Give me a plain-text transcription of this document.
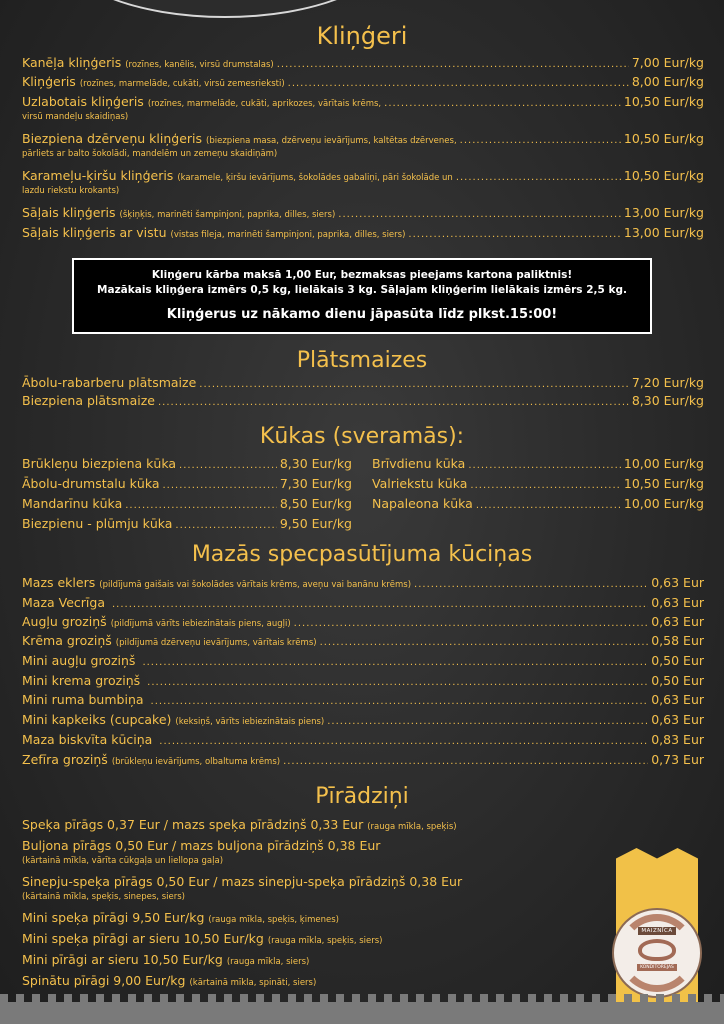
Kliņģeri
Kanēļa kliņģeris (rozīnes, kanēlis, virsū drumstalas) .....	7,00 Eur/kg
Kliņģeris (rozīnes, marmelāde, cukāti, virsū zemesrieksti) .....	8,00 Eur/kg
Uzlabotais kliņģeris (rozīnes, marmelāde, cukāti, aprikozes, vārītais krēms, .....	10,50 Eur/kg
virsū mandeļu skaidiņas)
Biezpiena dzērveņu kliņģeris (biezpiena masa, dzērveņu ievārījums, kaltētas dzērvenes, .....	10,50 Eur/kg
pārliets ar balto šokolādi, mandelēm un zemeņu skaidiņām)
Karameļu-ķiršu kliņģeris (karamele, ķiršu ievārījums, šokolādes gabaliņi, pāri šokolāde un .....	10,50 Eur/kg
lazdu riekstu krokants)
Sāļais kliņģeris (šķiņķis, marinēti šampinjoni, paprika, dilles, siers) .....	13,00 Eur/kg
Sāļais kliņģeris ar vistu (vistas fileja, marinēti šampinjoni, paprika, dilles, siers) .....	13,00 Eur/kg
Kliņģeru kārba maksā 1,00 Eur, bezmaksas pieejams kartona paliktnis!
Mazākais kliņģera izmērs 0,5 kg, lielākais 3 kg. Sāļajam kliņģerim lielākais izmērs 2,5 kg.
Kliņģerus uz nākamo dienu jāpasūta līdz plkst.15:00!
Plātsmaizes
Ābolu-rabarberu plātsmaize .....	7,20 Eur/kg
Biezpiena plātsmaize .....	8,30 Eur/kg
Kūkas (sveramās):
Brūkleņu biezpiena kūka .....	8,30 Eur/kg
Ābolu-drumstalu kūka .....	7,30 Eur/kg
Mandarīnu kūka .....	8,50 Eur/kg
Biezpienu - plūmju kūka .....	9,50 Eur/kg
Brīvdienu kūka .....	10,00 Eur/kg
Valriekstu kūka .....	10,50 Eur/kg
Napaleona kūka .....	10,00 Eur/kg
Mazās specpasūtījuma kūciņas
Mazs eklers (pildījumā gaišais vai šokolādes vārītais krēms, aveņu vai banānu krēms) .....	0,63 Eur
Maza Vecrīga .....	0,63 Eur
Augļu groziņš (pildījumā vārīts iebiezinātais piens, augļi) .....	0,63 Eur
Krēma groziņš (pildījumā dzērveņu ievārījums, vārītais krēms) .....	0,58 Eur
Mini augļu groziņš .....	0,50 Eur
Mini krema groziņš .....	0,50 Eur
Mini ruma bumbiņa .....	0,63 Eur
Mini kapkeiks (cupcake) (keksiņš, vārīts iebiezinātais piens) .....	0,63 Eur
Maza biskvīta kūciņa .....	0,83 Eur
Zefīra groziņš (brūkleņu ievārījums, olbaltuma krēms) .....	0,73 Eur
Pīrādziņi
Speķa pīrāgs 0,37 Eur / mazs speķa pīrādziņš 0,33 Eur (rauga mīkla, speķis)
Buljona pīrāgs 0,50 Eur / mazs buljona pīrādziņš 0,38 Eur
(kārtainā mīkla, vārīta cūkgaļa un liellopa gaļa)
Sinepju-speķa pīrāgs 0,50 Eur / mazs sinepju-speķa pīrādziņš 0,38 Eur
(kārtainā mīkla, speķis, sinepes, siers)
Mini speķa pīrāgi 9,50 Eur/kg (rauga mīkla, speķis, ķimenes)
Mini speķa pīrāgi ar sieru 10,50 Eur/kg (rauga mīkla, speķis, siers)
Mini pīrāgi ar sieru 10,50 Eur/kg (rauga mīkla, siers)
Spinātu pīrāgi 9,00 Eur/kg (kārtainā mīkla, spināti, siers)
MAIZNĪCA
KONDITOREJAS
